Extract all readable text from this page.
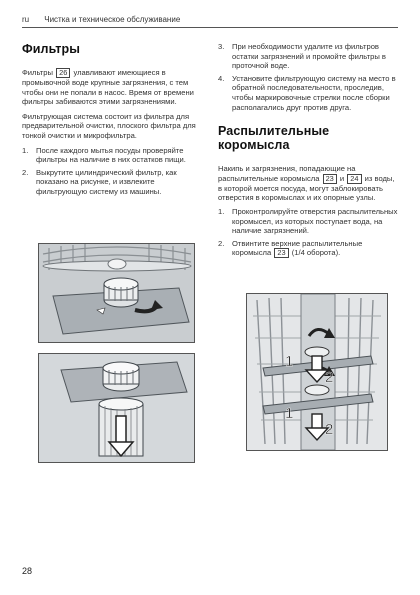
ru Чистка и техническое обслуживание
Фильтры

Фильтры 26 улавливают имеющиеся в промывочной воде крупные загрязнения, с тем чтобы они не попали в насос. Время от времени фильтры забиваются этими загрязнениями.

Фильтрующая система состоит из фильтра для предварительной очистки, плоского фильтра для тонкой очистки и микрофильтра.

1. После каждого мытья посуды проверяйте фильтры на наличие в них остатков пищи.
2. Выкрутите цилиндрический фильтр, как показано на рисунке, и извлеките фильтрующую систему из машины.
3. При необходимости удалите из фильтров остатки загрязнений и промойте фильтры в проточной воде.
4. Установите фильтрующую систему на место в обратной последовательности, проследив, чтобы маркировочные стрелки после сборки располагались друг против друга.
Распылительные коромысла

Накипь и загрязнения, попадающие на распылительные коромысла 23 и 24 из воды, в которой моется посуда, могут заблокировать отверстия в коромыслах и их опорные узлы.

1. Проконтролируйте отверстия распылительных коромысел, из которых поступает вода, на наличие загрязнений.
2. Отвинтите верхние распылительные коромысла 23 (1/4 оборота).
1
2
1
2
28
